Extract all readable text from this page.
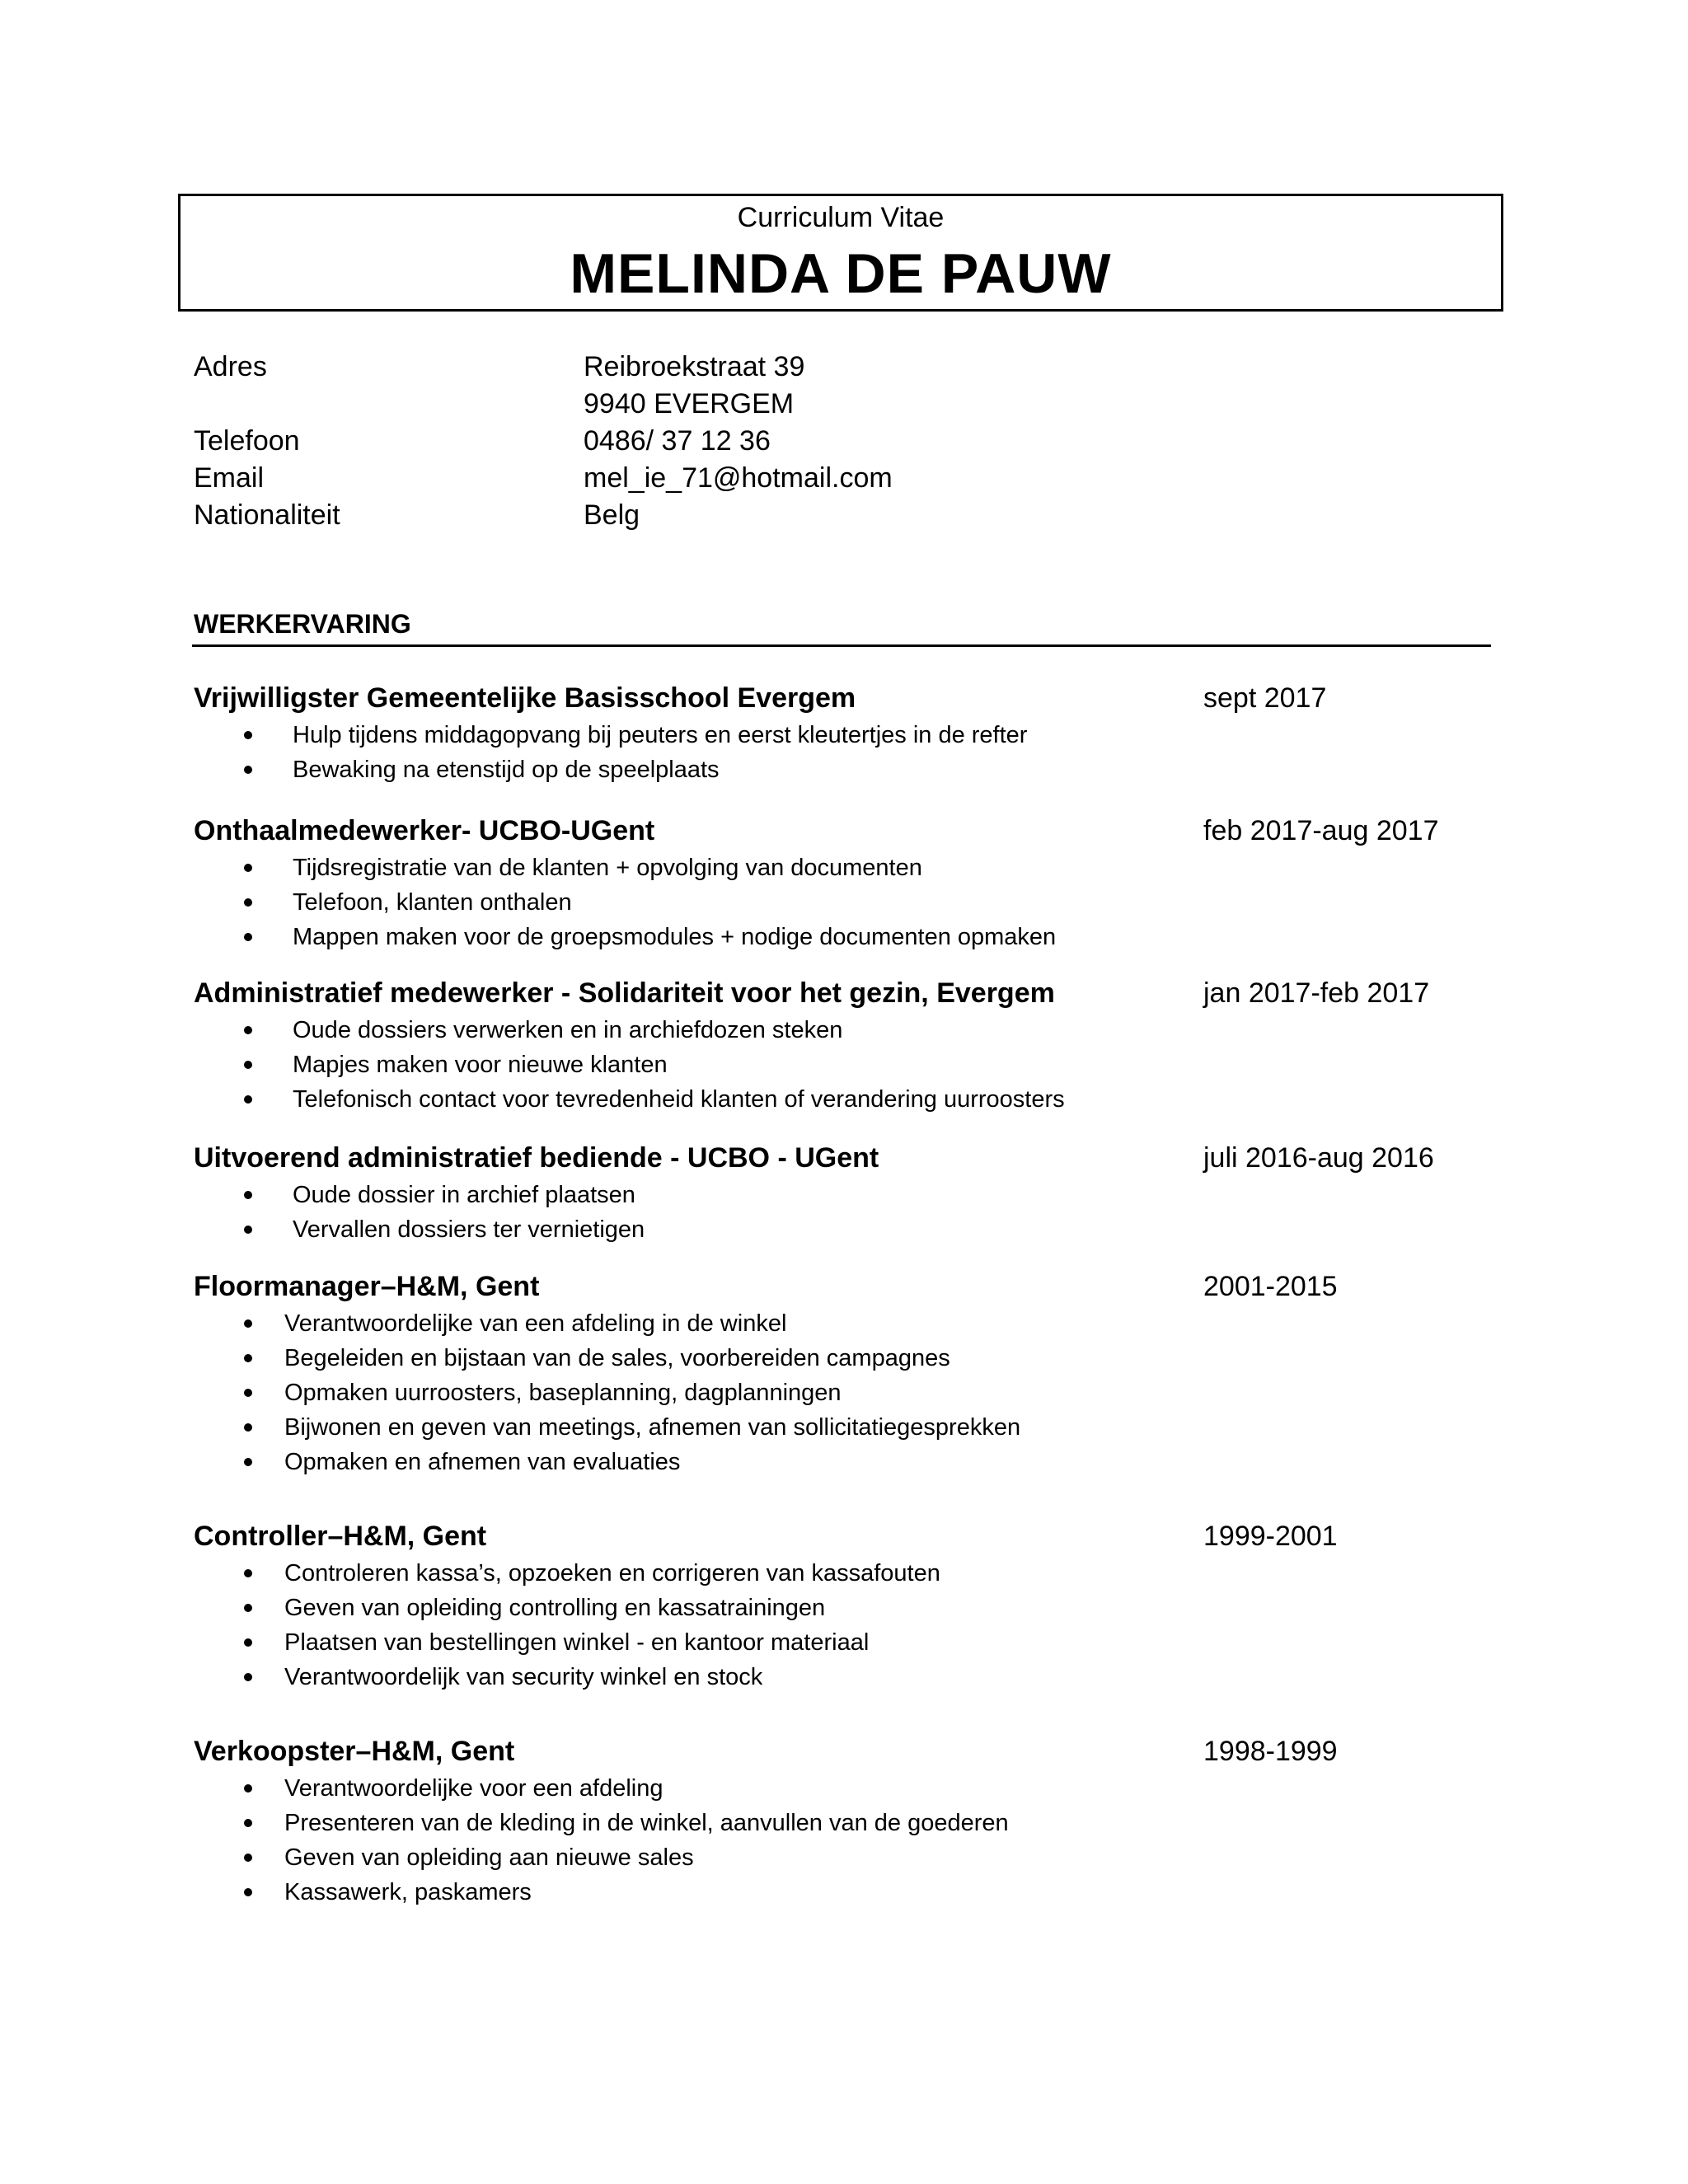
Curriculum Vitae
MELINDA DE PAUW
Adres	Reibroekstraat 39
9940 EVERGEM
Telefoon	0486/ 37 12 36
Email	mel_ie_71@hotmail.com
Nationaliteit	Belg
WERKERVARING
Vrijwilligster Gemeentelijke Basisschool Evergem	sept 2017
Hulp tijdens middagopvang bij peuters en eerst kleutertjes in de refter
Bewaking na etenstijd op de speelplaats
Onthaalmedewerker- UCBO-UGent	feb 2017-aug 2017
Tijdsregistratie van de klanten + opvolging van documenten
Telefoon, klanten onthalen
Mappen maken voor de groepsmodules + nodige documenten opmaken
Administratief medewerker - Solidariteit voor het gezin, Evergem	jan 2017-feb 2017
Oude dossiers verwerken en in archiefdozen steken
Mapjes maken voor nieuwe klanten
Telefonisch contact voor tevredenheid klanten of verandering uurroosters
Uitvoerend administratief bediende - UCBO - UGent	juli 2016-aug 2016
Oude dossier in archief plaatsen
Vervallen dossiers ter vernietigen
Floormanager–H&M, Gent	2001-2015
Verantwoordelijke van een afdeling in de winkel
Begeleiden en bijstaan van de sales, voorbereiden campagnes
Opmaken uurroosters, baseplanning, dagplanningen
Bijwonen en geven van meetings, afnemen van sollicitatiegesprekken
Opmaken en afnemen van evaluaties
Controller–H&M, Gent	1999-2001
Controleren kassa’s, opzoeken en corrigeren van kassafouten
Geven van opleiding controlling en kassatrainingen
Plaatsen van bestellingen winkel - en kantoor materiaal
Verantwoordelijk van security winkel en stock
Verkoopster–H&M, Gent	1998-1999
Verantwoordelijke voor een afdeling
Presenteren van de kleding in de winkel, aanvullen van de goederen
Geven van opleiding aan nieuwe sales
Kassawerk, paskamers
